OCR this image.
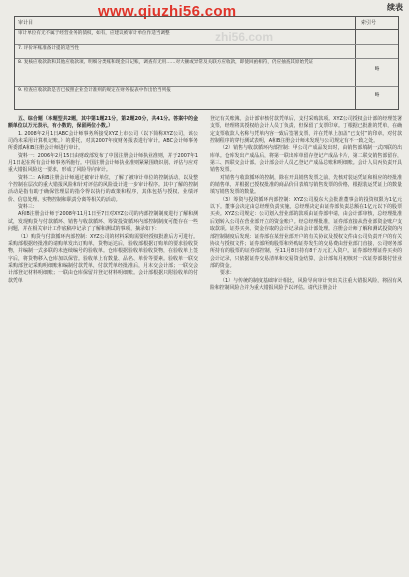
续表
www.qiuzhi56.com
zhi56.com
审计目	索引号
审计单位有无不属于经营业务的债权，如有，应建议被审计单位作适当调整
7. 评价坏账准备计提的适当性
8. 复核应收款款和其他应收款项、明细分类账和现金日记账，调查有无用……对大额或异常及关联方应收款，即使回函相符，仍应抽查其原始凭证
略
9. 检查应收款款是否已按照企业会计准则的规定在财务报表中作出恰当列报
略

五、综合题（本题型共2题，其中第1题21分，第2题20分，共41分。答案中的金额单位以万元表示，有小数的，保留两位小数。）

1. 2008年2月1日ABC会计师事务所接受XYZ上市公司（以下简称XYZ公司，该公司尚未采用计算机记账。）的委托，对其2007年度财务报表进行审计。ABC会计师事务所委派A和B注册会计师进行审计。

资料一：2006年2月15日由财政部发布了中国注册会计师执业准则，并于2007年1月1日起在所有会计师事务所施行。中国注册会计师执业准则紧紧围绕识别、评估与应对重大错报风险这一要求，形成了风险导向审计。

资料二：A和B注册会计师通过被审计单位，了解了被审计单位的控制活动，以及整个控制在层次的重大错报风险和针对评估的风险设计进一步审计程序。其中了解的控制活动是指有助于确保管理层的指令得以执行的政策和程序，其体包括与授权、业绩评价、信息处理、实物控制和职责分离等相关的活动。

资料三：

A和B注册会计师于2008年11月1日至7日对XYZ公司的内部控制制度进行了解和测试，发现购货与付款循环、销售与收款循环、筹资投资循环内部控制制度可能存在一些问题，并在相关审计工作底稿中记录了了解和测试的事项，摘录如下：

（1）购货与付款循环内部控制：XYZ公司的材料采购需要经授权批准后方可进行。采购部根据经批准的请购单发出订购单，货物运达后，验收部根据订购单的要求验收货物，并编制一式多联的未连续编号的验收单。仓库根据验收单验收货物，在验收单上签字后，将货物移入仓库加以保管。验收单上有数量、品名、单价等要素。验收单一联交采购部登记采购明细账和编制付款凭单，付款凭单经批准后，月末交会计部；一联交会计部登记材料明细账；一联由仓库保留并登记材料明细账。会计部根据只附验收单的付款凭单

登记有关账簿。会计部审核付款凭单后，支付采购款项。XYZ公司授权会计部的经理签署支票，经理将其授权给会计人员丁负责，但保留了支票印章。丁根据已批准的凭单，在确定支票收款人名称与凭单内容一致后签署支票，并在凭单上加盖“已支付”的印章。对付款控制程序的穿行测试表明，A和B注册会计师未发现与公司规定有不一致之处。

（2）销售与收款循环内部控制：甲公司产成品发出时，由销售部填制一式四联的出库单。仓库发出产成品后，将第一联出库单留存登记产成品卡片，第二联交销售部留存，第三、四联交会计部。会计部会计人员乙登记产成品总账和明细账。会计人员丙负责开具销售发票。

对销售与收款循环的控制，除在开具销售发票之前，先核对装运凭证和相应的经批准的销售单，并根据已授权批准的商品价目表填写销售发票的价格，根据装运凭证上的数量填写销售发票的数量。

（3）筹资与投资循环内部控制：XYZ公司股东大会批准董事会的投资权限为1亿元以下。董事会决定由总经理负责实施。总经理决定由证券部负责总额在1亿元以下的股票买卖。XYZ公司规定：公司划入营业部的款项由证券部申请，由会计部审核，总经理批准后划转入公司在营业部开立的资金账户。经总经理批准，证券部直接从营业部资金账户支取款项。证券买卖、资金存取的会计记录由会计部处理。注册会计师了解和测试投资的内部控制制度后发现：证券部在某营业部开户的有关协议及授权文件由公司负责开户的有关协议与授权文件；证券部所购股票和外购证券发生的交易费由营业部门直接，公司财务部所持有的股票的证券部控制，至11月8日持有8千万元汇入资户。证券部经理证券买卖的会计记录，只依据证券交易清单和交易资金结算，会计部每月初核对一次证券部拨付营业部的资金。

要求：

（1）与传统的制度基础审计相比，风险导向审计突出关注重大错报风险，将固有风险和控制风险合并为重大错报风险予以评估。请代注册会计
